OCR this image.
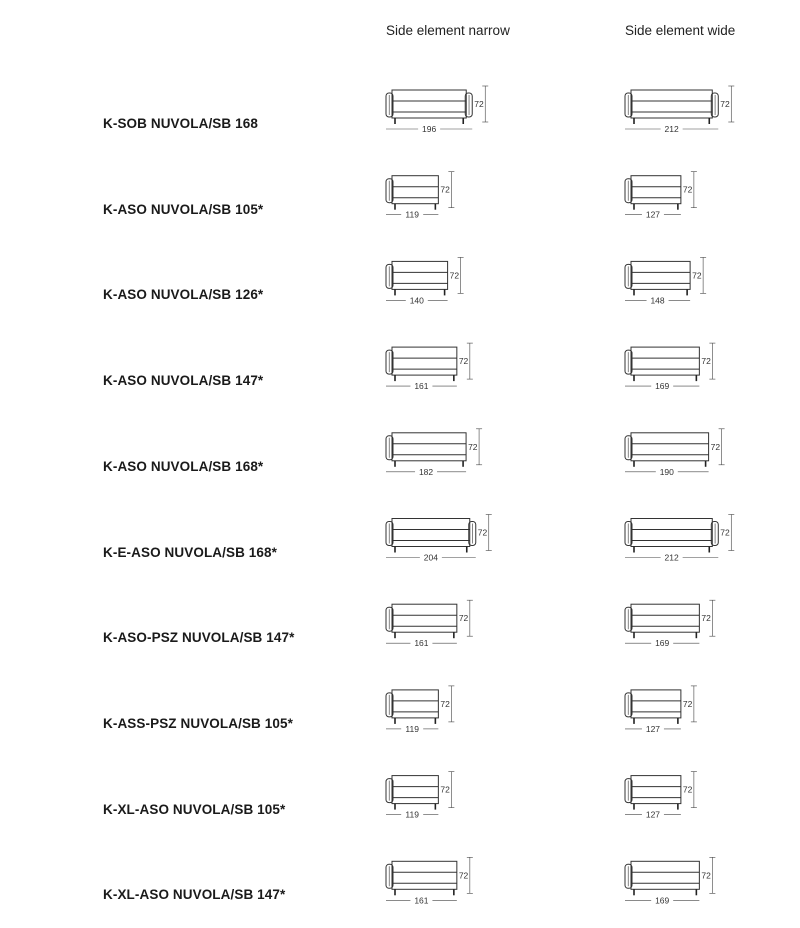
Side element narrow	Side element wide
K-SOB NUVOLA/SB 168
K-ASO NUVOLA/SB 105*
K-ASO NUVOLA/SB 126*
K-ASO NUVOLA/SB 147*
K-ASO NUVOLA/SB 168*
K-E-ASO NUVOLA/SB 168*
K-ASO-PSZ NUVOLA/SB 147*
K-ASS-PSZ NUVOLA/SB 105*
K-XL-ASO NUVOLA/SB 105*
K-XL-ASO NUVOLA/SB 147*
72
196
72
212
72
119
72
127
72
140
72
148
72
161
72
169
72
182
72
190
72
204
72
212
72
161
72
169
72
119
72
127
72
119
72
127
72
161
72
169
